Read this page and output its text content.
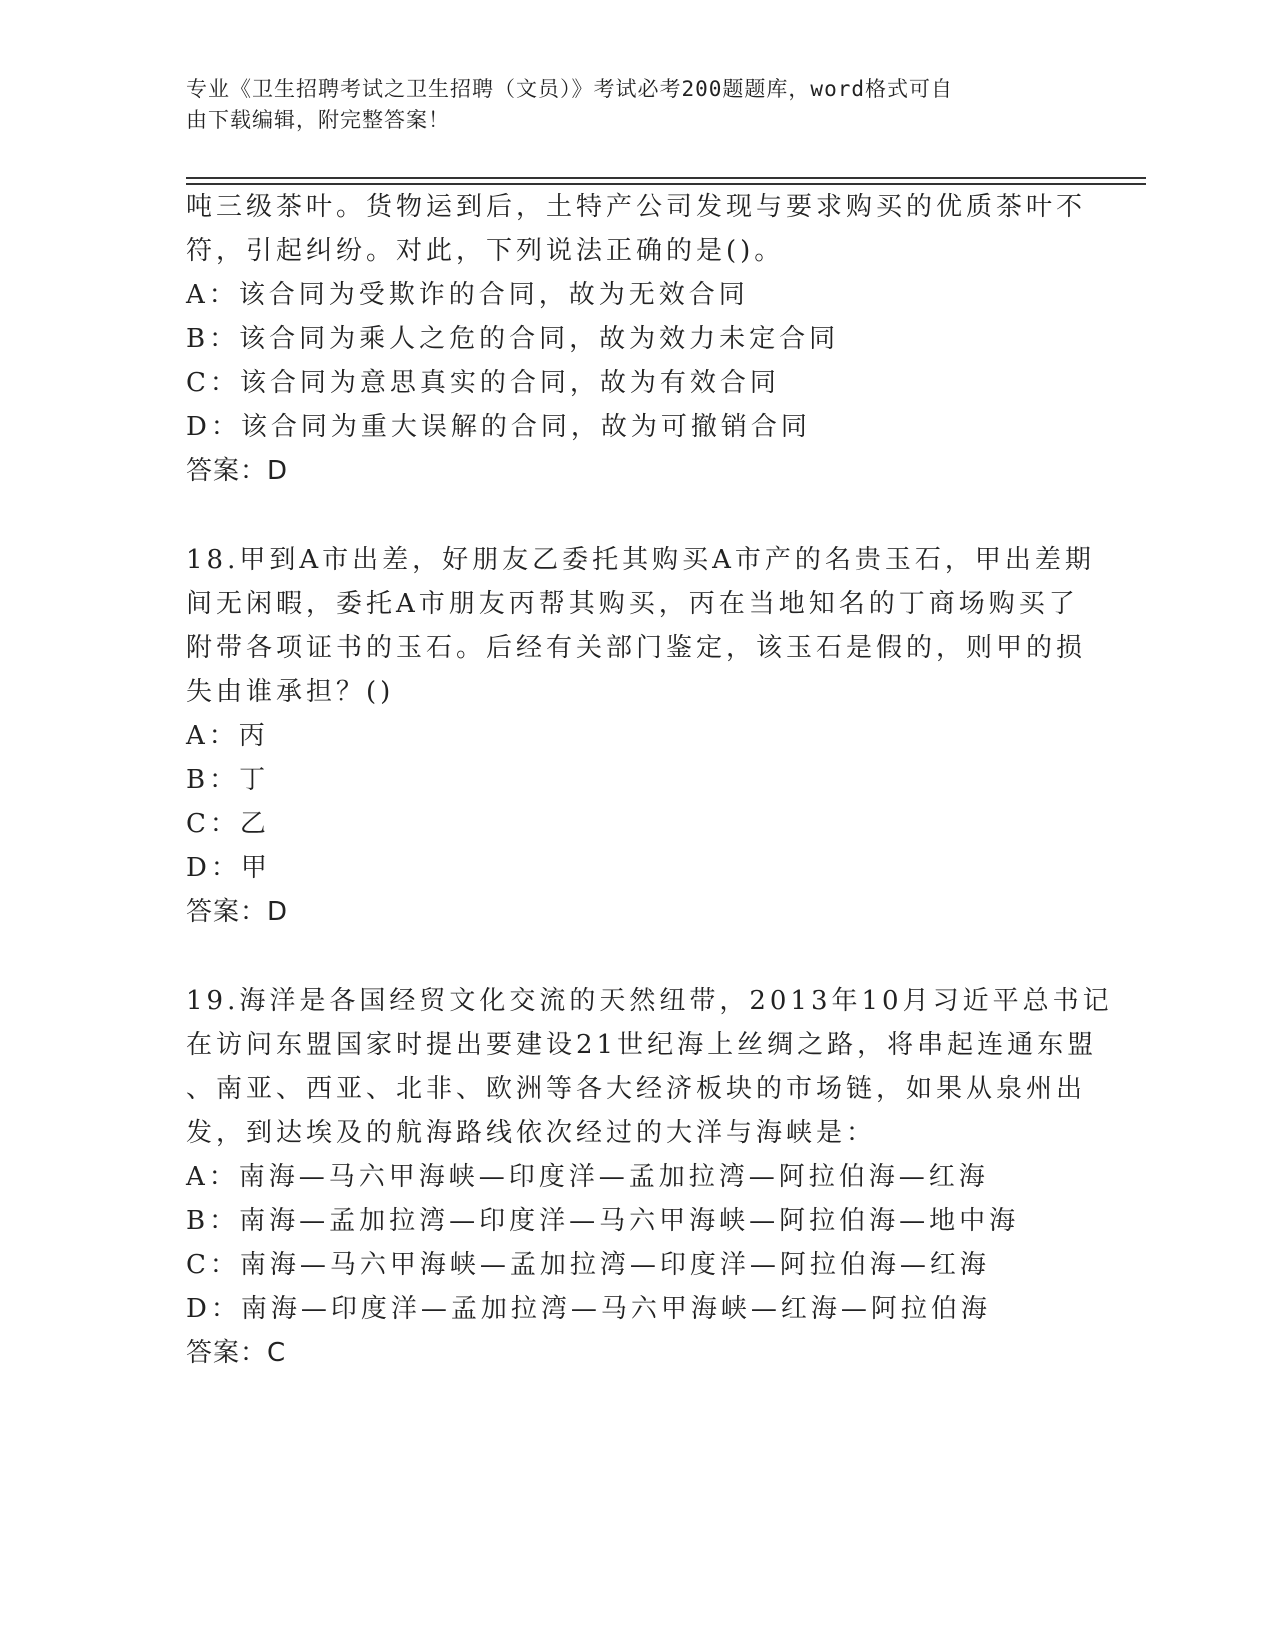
专业《卫生招聘考试之卫生招聘（文员）》考试必考200题题库，word格式可自
由下载编辑，附完整答案！
吨三级茶叶。货物运到后，土特产公司发现与要求购买的优质茶叶不
符，引起纠纷。对此，下列说法正确的是()。
A：该合同为受欺诈的合同，故为无效合同
B：该合同为乘人之危的合同，故为效力未定合同
C：该合同为意思真实的合同，故为有效合同
D：该合同为重大误解的合同，故为可撤销合同
答案：D
18.甲到A市出差，好朋友乙委托其购买A市产的名贵玉石，甲出差期
间无闲暇，委托A市朋友丙帮其购买，丙在当地知名的丁商场购买了
附带各项证书的玉石。后经有关部门鉴定，该玉石是假的，则甲的损
失由谁承担？()
A：丙
B：丁
C：乙
D：甲
答案：D
19.海洋是各国经贸文化交流的天然纽带，2013年10月习近平总书记
在访问东盟国家时提出要建设21世纪海上丝绸之路，将串起连通东盟
、南亚、西亚、北非、欧洲等各大经济板块的市场链，如果从泉州出
发，到达埃及的航海路线依次经过的大洋与海峡是：
A：南海—马六甲海峡—印度洋—孟加拉湾—阿拉伯海—红海
B：南海—孟加拉湾—印度洋—马六甲海峡—阿拉伯海—地中海
C：南海—马六甲海峡—孟加拉湾—印度洋—阿拉伯海—红海
D：南海—印度洋—孟加拉湾—马六甲海峡—红海—阿拉伯海
答案：C
